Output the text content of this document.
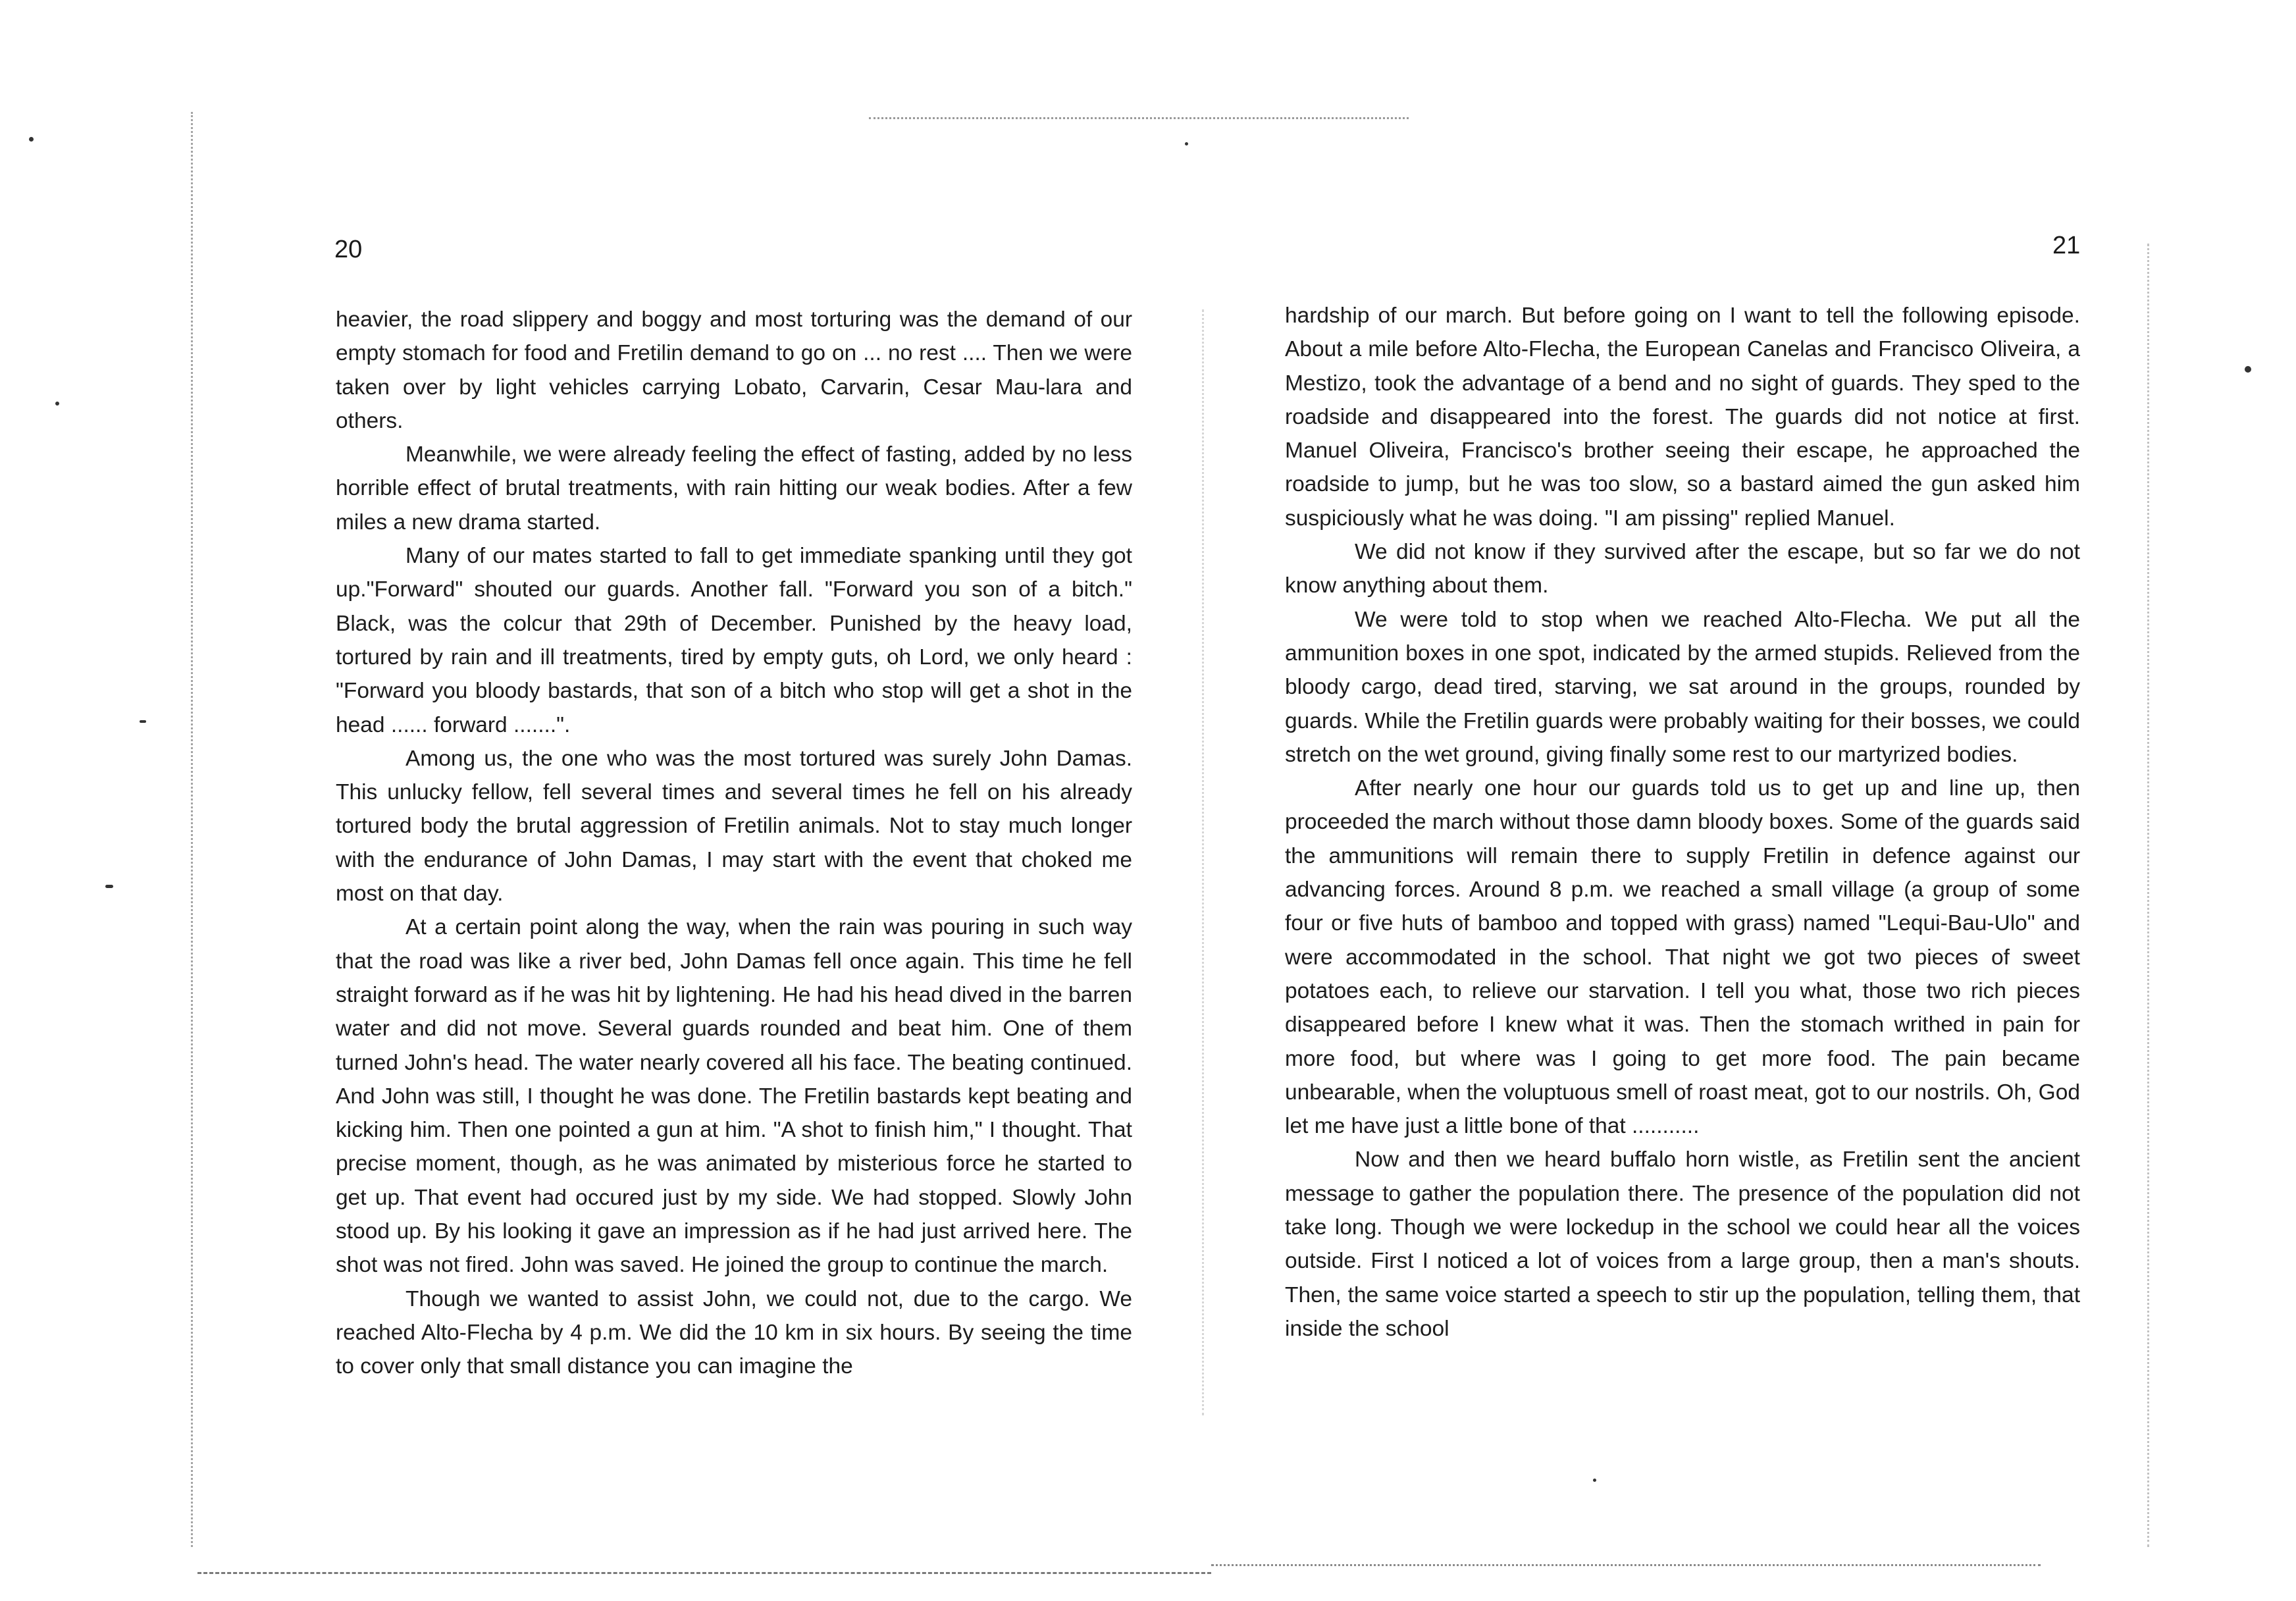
20

heavier, the road slippery and boggy and most torturing was the demand of our empty stomach for food and Fretilin demand to go on ... no rest .... Then we were taken over by light vehicles carrying Lobato, Carvarin, Cesar Mau-lara and others.

Meanwhile, we were already feeling the effect of fasting, added by no less horrible effect of brutal treatments, with rain hitting our weak bodies. After a few miles a new drama started.

Many of our mates started to fall to get immediate spanking until they got up."Forward" shouted our guards. Another fall. "Forward you son of a bitch." Black, was the colcur that 29th of December. Punished by the heavy load, tortured by rain and ill treatments, tired by empty guts, oh Lord, we only heard : "Forward you bloody bastards, that son of a bitch who stop will get a shot in the head ...... forward .......".

Among us, the one who was the most tortured was surely John Damas. This unlucky fellow, fell several times and several times he fell on his already tortured body the brutal aggression of Fretilin animals. Not to stay much longer with the endurance of John Damas, I may start with the event that choked me most on that day.

At a certain point along the way, when the rain was pouring in such way that the road was like a river bed, John Damas fell once again. This time he fell straight forward as if he was hit by lightening. He had his head dived in the barren water and did not move. Several guards rounded and beat him. One of them turned John's head. The water nearly covered all his face. The beating continued. And John was still, I thought he was done. The Fretilin bastards kept beating and kicking him. Then one pointed a gun at him. "A shot to finish him," I thought. That precise moment, though, as he was animated by misterious force he started to get up. That event had occured just by my side. We had stopped. Slowly John stood up. By his looking it gave an impression as if he had just arrived here. The shot was not fired. John was saved. He joined the group to continue the march.

Though we wanted to assist John, we could not, due to the cargo. We reached Alto-Flecha by 4 p.m. We did the 10 km in six hours. By seeing the time to cover only that small distance you can imagine the

21

hardship of our march. But before going on I want to tell the following episode. About a mile before Alto-Flecha, the European Canelas and Francisco Oliveira, a Mestizo, took the advantage of a bend and no sight of guards. They sped to the roadside and disappeared into the forest. The guards did not notice at first. Manuel Oliveira, Francisco's brother seeing their escape, he approached the roadside to jump, but he was too slow, so a bastard aimed the gun asked him suspiciously what he was doing. "I am pissing" replied Manuel.

We did not know if they survived after the escape, but so far we do not know anything about them.

We were told to stop when we reached Alto-Flecha. We put all the ammunition boxes in one spot, indicated by the armed stupids. Relieved from the bloody cargo, dead tired, starving, we sat around in the groups, rounded by guards. While the Fretilin guards were probably waiting for their bosses, we could stretch on the wet ground, giving finally some rest to our martyrized bodies.

After nearly one hour our guards told us to get up and line up, then proceeded the march without those damn bloody boxes. Some of the guards said the ammunitions will remain there to supply Fretilin in defence against our advancing forces. Around 8 p.m. we reached a small village (a group of some four or five huts of bamboo and topped with grass) named "Lequi-Bau-Ulo" and were accommodated in the school. That night we got two pieces of sweet potatoes each, to relieve our starvation. I tell you what, those two rich pieces disappeared before I knew what it was. Then the stomach writhed in pain for more food, but where was I going to get more food. The pain became unbearable, when the voluptuous smell of roast meat, got to our nostrils. Oh, God let me have just a little bone of that ...........

Now and then we heard buffalo horn wistle, as Fretilin sent the ancient message to gather the population there. The presence of the population did not take long. Though we were lockedup in the school we could hear all the voices outside. First I noticed a lot of voices from a large group, then a man's shouts. Then, the same voice started a speech to stir up the population, telling them, that inside the school
